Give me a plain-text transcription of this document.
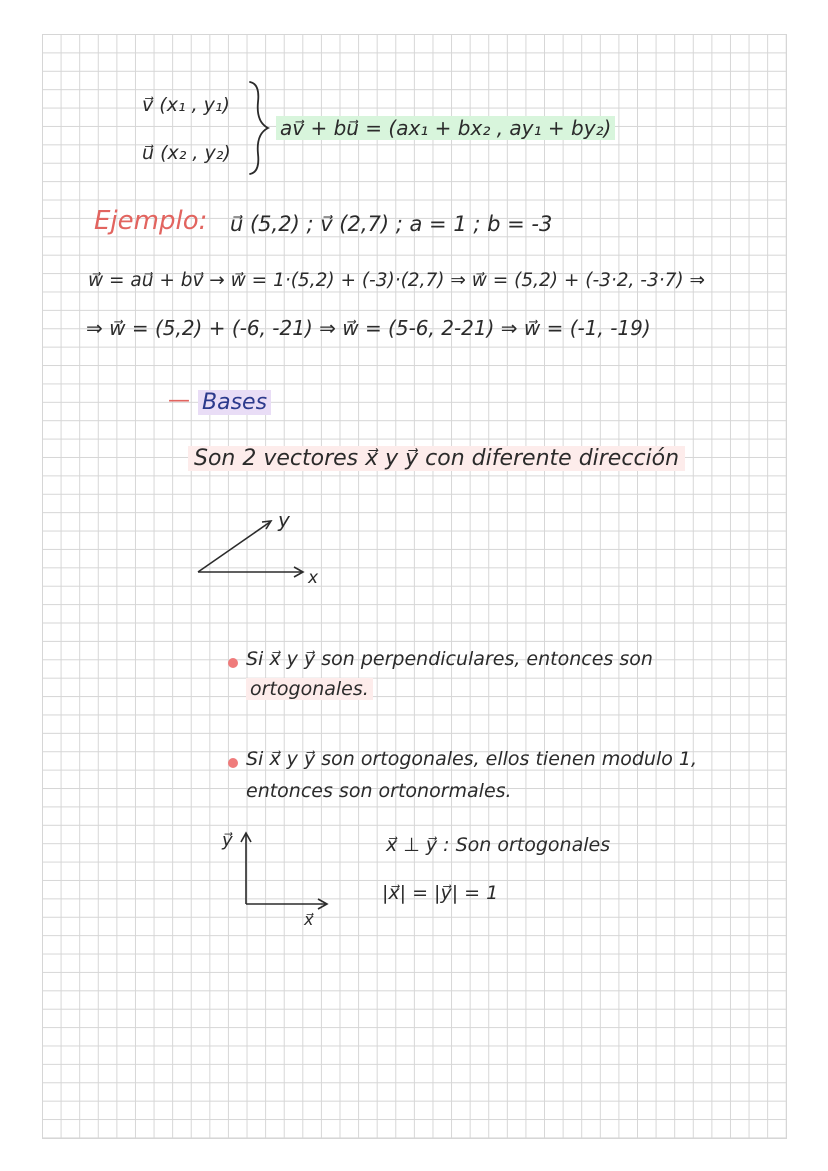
v⃗ (x₁ , y₁)
u⃗ (x₂ , y₂)
av⃗ + bu⃗ = (ax₁ + bx₂ , ay₁ + by₂)
Ejemplo: u⃗ (5,2) ; v⃗ (2,7) ; a = 1 ; b = -3
w⃗ = au⃗ + bv⃗ → w⃗ = 1·(5,2) + (-3)·(2,7) ⇒ w⃗ = (5,2) + (-3·2, -3·7) ⇒
⇒ w⃗ = (5,2) + (-6, -21) ⇒ w⃗ = (5-6, 2-21) ⇒ w⃗ = (-1, -19)
— Bases
Son 2 vectores x⃗ y y⃗ con diferente dirección
y
x
Si x⃗ y y⃗ son perpendiculares, entonces son
ortogonales.
Si x⃗ y y⃗ son ortogonales, ellos tienen modulo 1,
entonces son ortonormales.
y⃗
x⃗
x⃗ ⊥ y⃗ : Son ortogonales
|x⃗| = |y⃗| = 1
